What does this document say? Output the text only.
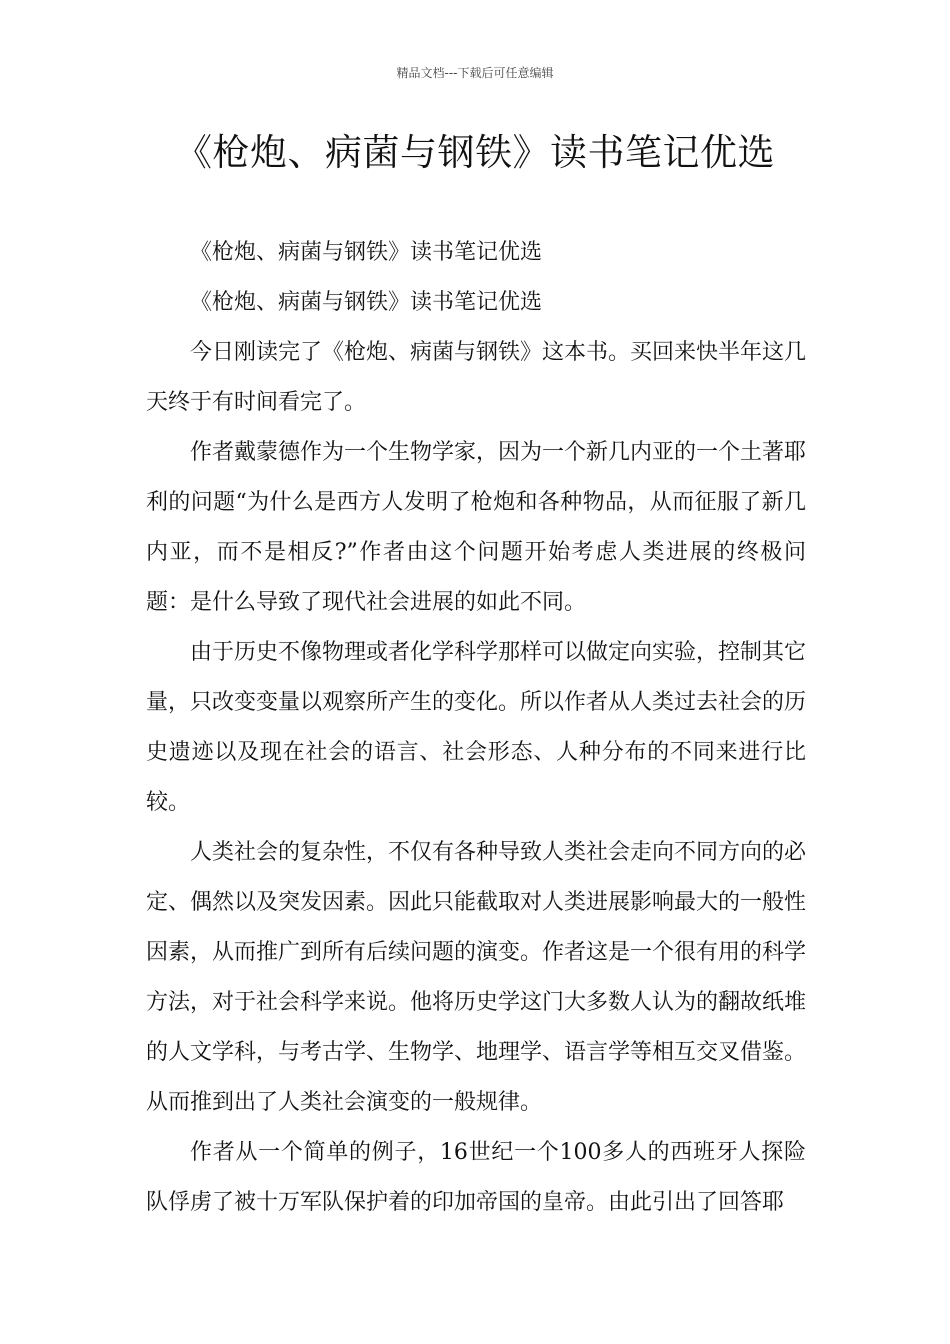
精品文档---下载后可任意编辑
《枪炮、病菌与钢铁》读书笔记优选

《枪炮、病菌与钢铁》读书笔记优选

《枪炮、病菌与钢铁》读书笔记优选

今日刚读完了《枪炮、病菌与钢铁》这本书。买回来快半年这几天终于有时间看完了。

作者戴蒙德作为一个生物学家，因为一个新几内亚的一个土著耶利的问题“为什么是西方人发明了枪炮和各种物品，从而征服了新几内亚，而不是相反?”作者由这个问题开始考虑人类进展的终极问题：是什么导致了现代社会进展的如此不同。

由于历史不像物理或者化学科学那样可以做定向实验，控制其它量，只改变变量以观察所产生的变化。所以作者从人类过去社会的历史遗迹以及现在社会的语言、社会形态、人种分布的不同来进行比较。

人类社会的复杂性，不仅有各种导致人类社会走向不同方向的必定、偶然以及突发因素。因此只能截取对人类进展影响最大的一般性因素，从而推广到所有后续问题的演变。作者这是一个很有用的科学方法，对于社会科学来说。他将历史学这门大多数人认为的翻故纸堆的人文学科，与考古学、生物学、地理学、语言学等相互交叉借鉴。从而推到出了人类社会演变的一般规律。

作者从一个简单的例子，16世纪一个100多人的西班牙人探险队俘虏了被十万军队保护着的印加帝国的皇帝。由此引出了回答耶
